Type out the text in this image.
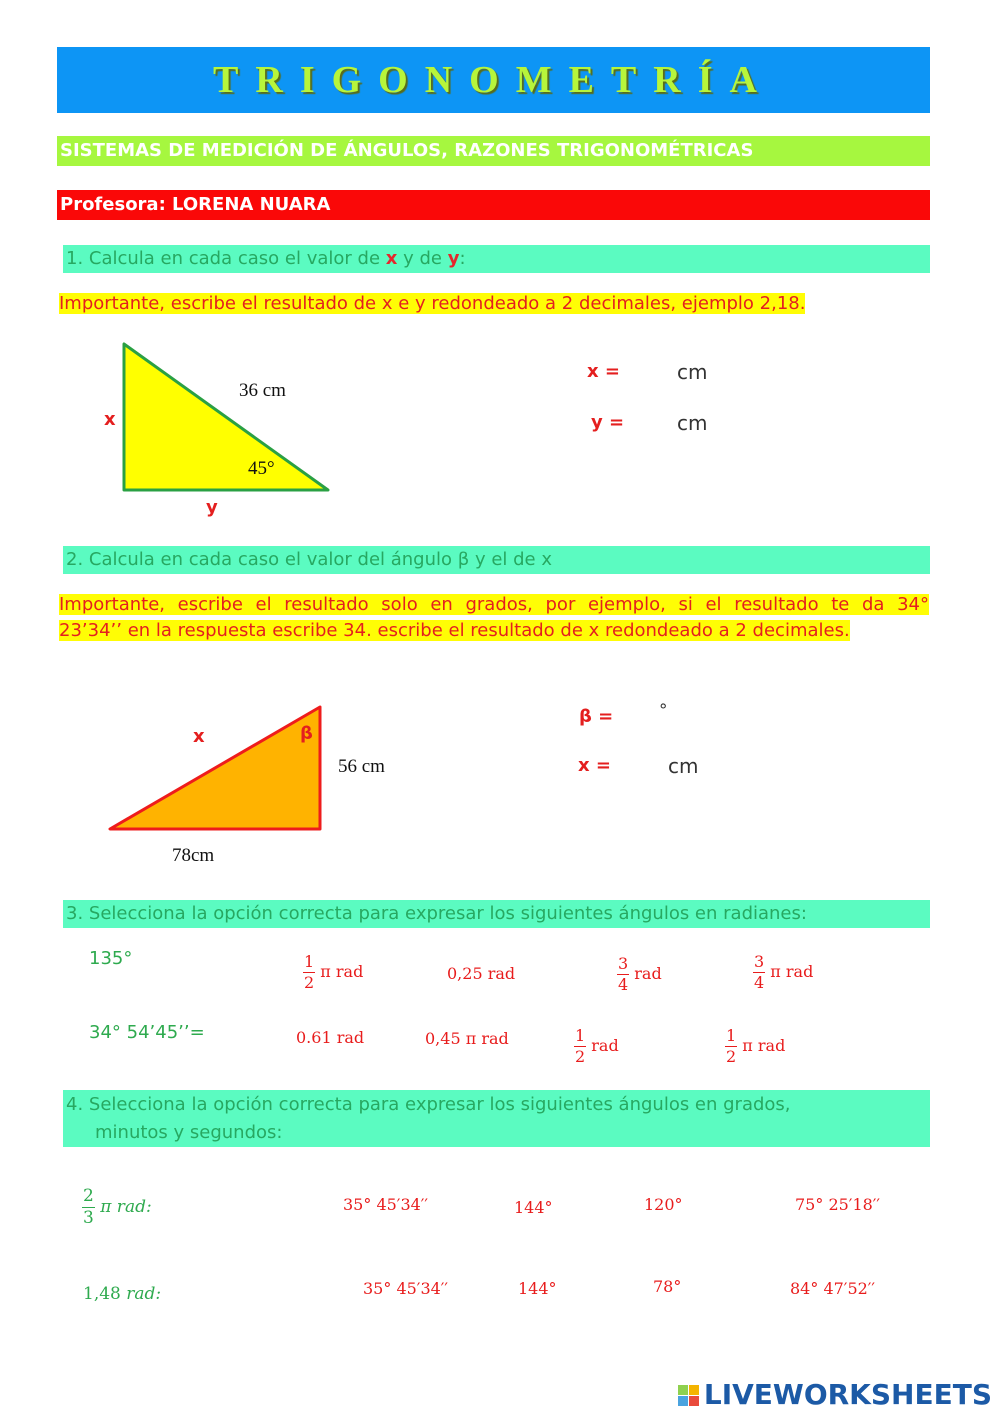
TRIGONOMETRÍA
SISTEMAS DE MEDICIÓN DE ÁNGULOS, RAZONES TRIGONOMÉTRICAS
Profesora: LORENA NUARA
1. Calcula en cada caso el valor de x y de y:
Importante, escribe el resultado de x e y redondeado a 2 decimales, ejemplo 2,18.
36 cm
45°
x
y
x =	cm
y =	cm
2. Calcula en cada caso el valor del ángulo β y el de x
Importante, escribe el resultado solo en grados, por ejemplo, si el resultado te da 34°
23’34’’ en la respuesta escribe 34. escribe el resultado de x redondeado a 2 decimales.
x	β
56 cm
78cm
β =	°
x =	cm
3. Selecciona la opción correcta para expresar los siguientes ángulos en radianes:
135°	$\frac{1}{2}$ π rad	0,25 rad	$\frac{3}{4}$ rad	$\frac{3}{4}$ π rad
34° 54’45’’=	0.61 rad	0,45 π rad	$\frac{1}{2}$ rad	$\frac{1}{2}$ π rad
4. Selecciona la opción correcta para expresar los siguientes ángulos en grados,
minutos y segundos:
$\frac{2}{3}$ π rad:	35° 45′34′′	144°	120°	75° 25′18′′
1,48 rad:	35° 45′34′′	144°	78°	84° 47′52′′
LIVEWORKSHEETS
